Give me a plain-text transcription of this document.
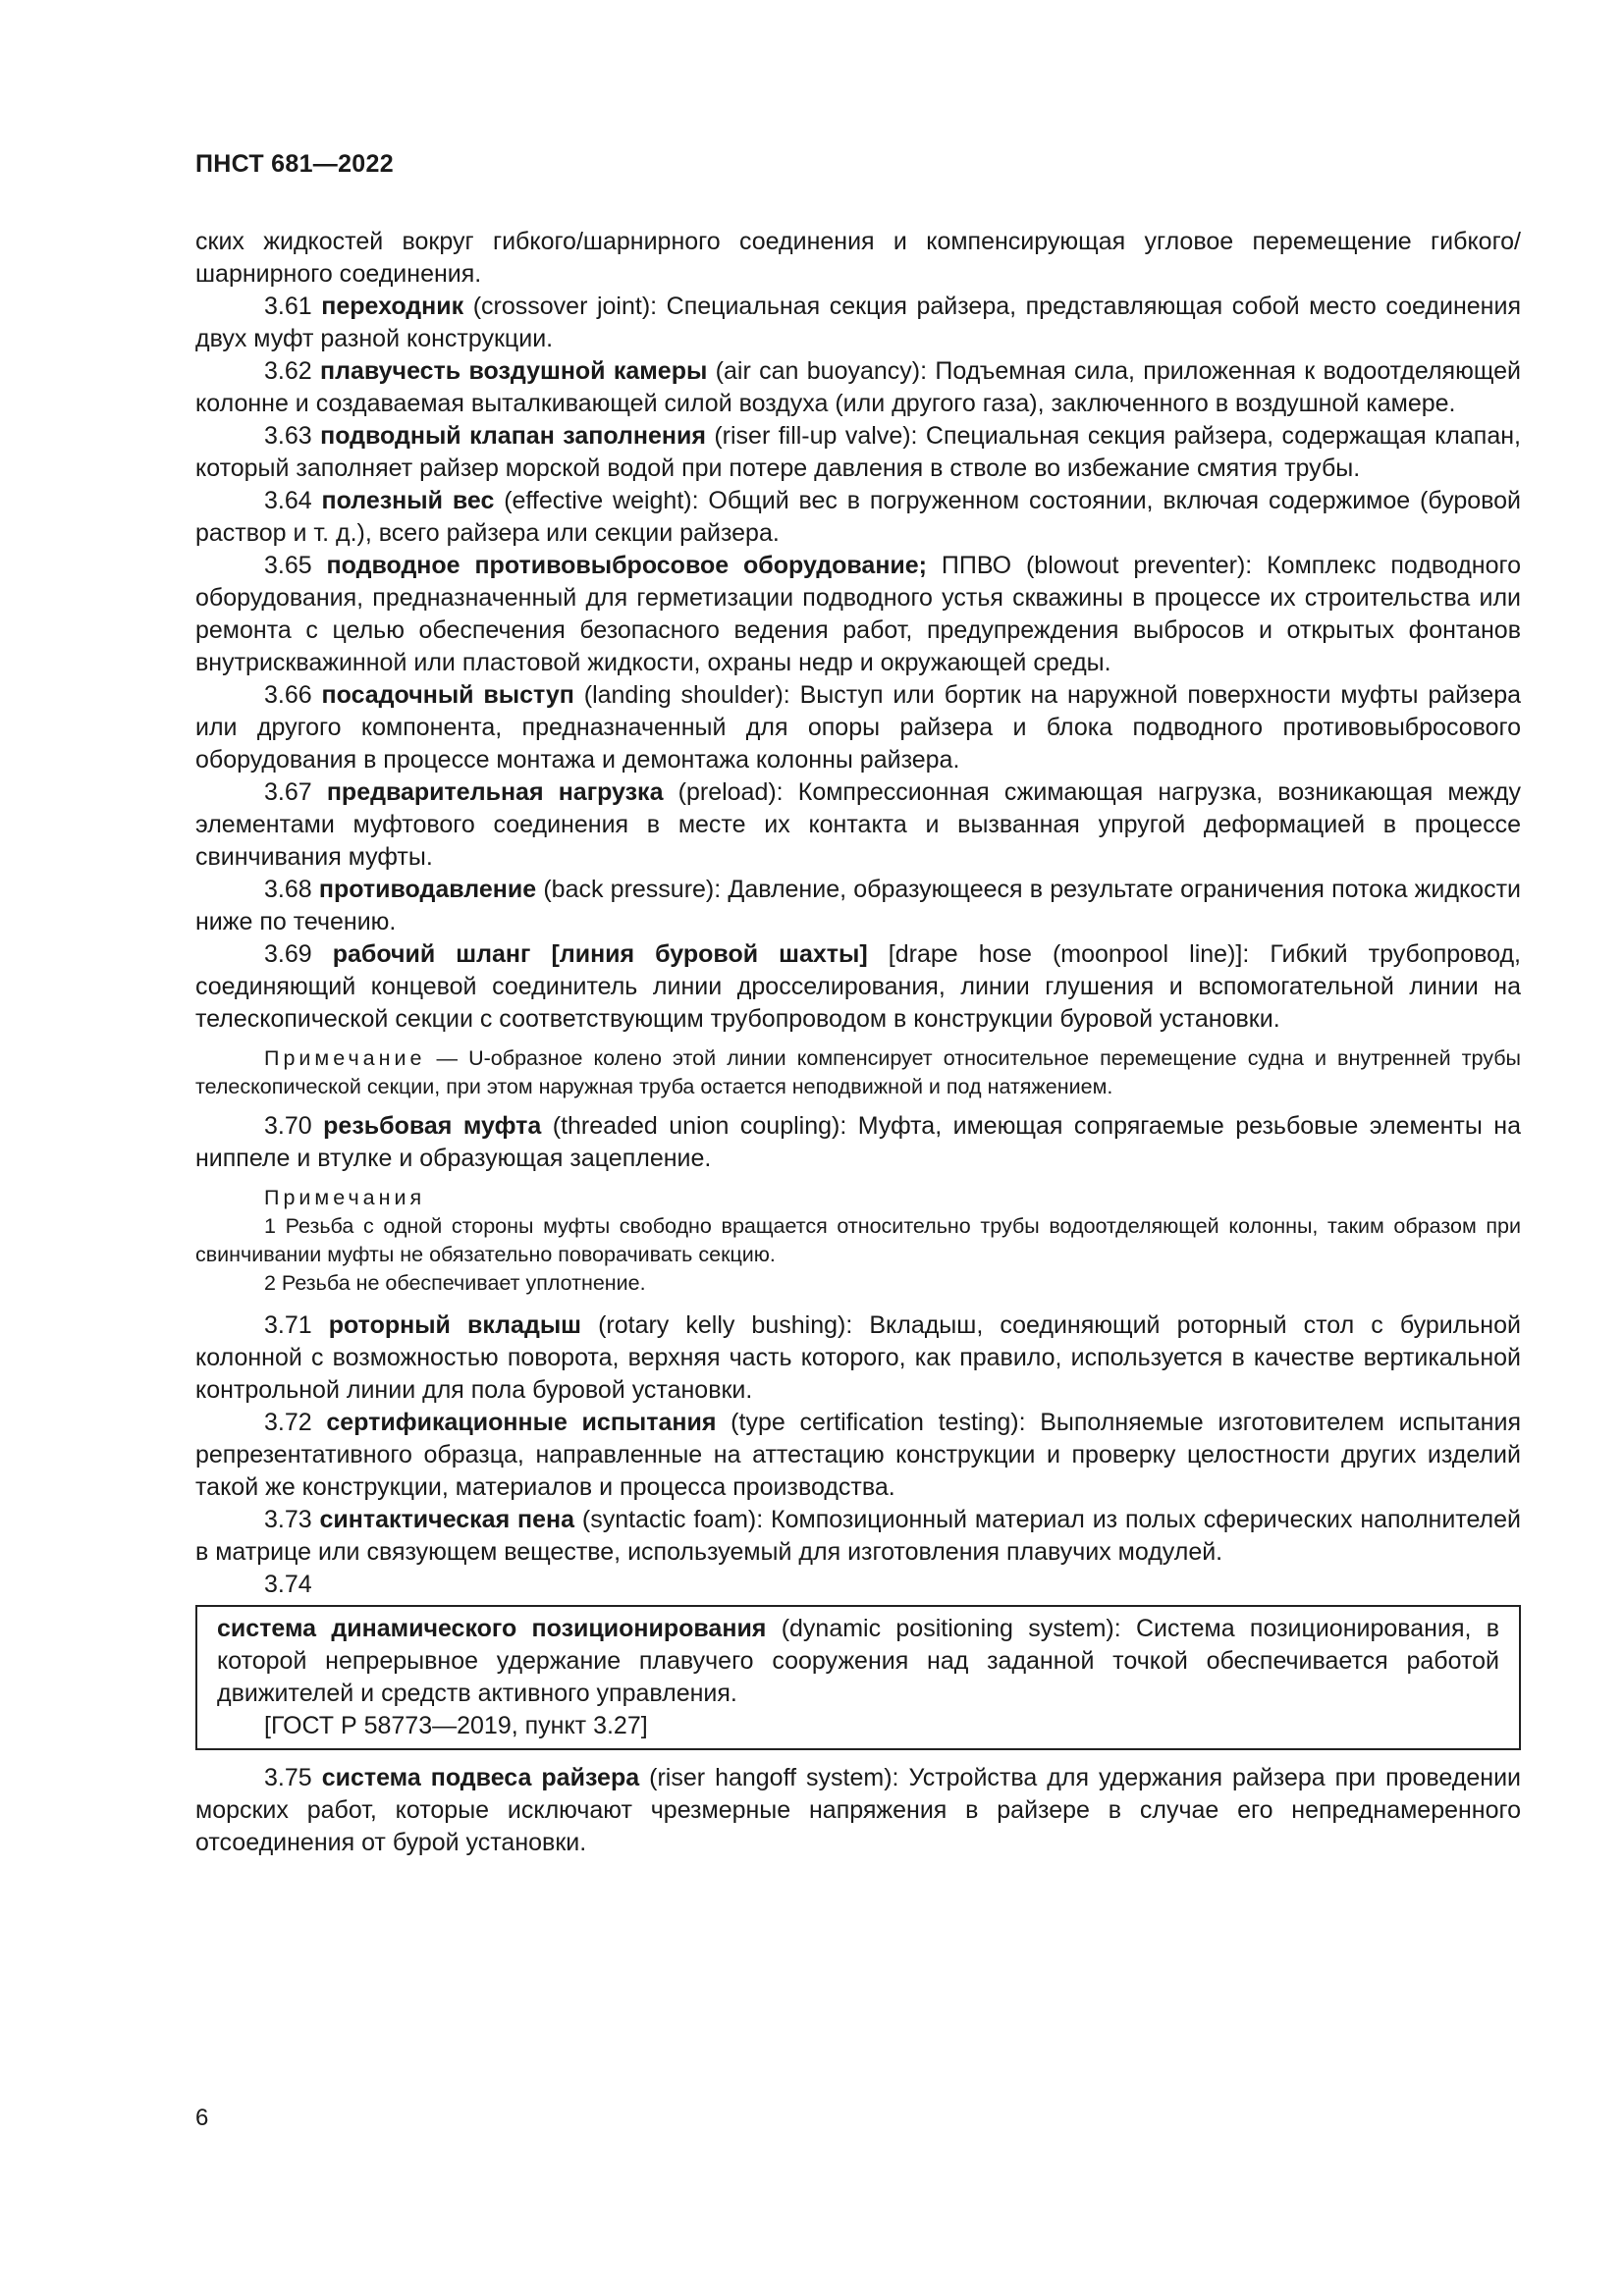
ПНСТ 681—2022

ских жидкостей вокруг гибкого/шарнирного соединения и компенсирующая угловое перемещение гибкого/шарнирного соединения.

3.61 переходник (crossover joint): Специальная секция райзера, представляющая собой место соединения двух муфт разной конструкции.

3.62 плавучесть воздушной камеры (air can buoyancy): Подъемная сила, приложенная к водоотделяющей колонне и создаваемая выталкивающей силой воздуха (или другого газа), заключенного в воздушной камере.

3.63 подводный клапан заполнения (riser fill-up valve): Специальная секция райзера, содержащая клапан, который заполняет райзер морской водой при потере давления в стволе во избежание смятия трубы.

3.64 полезный вес (effective weight): Общий вес в погруженном состоянии, включая содержимое (буровой раствор и т. д.), всего райзера или секции райзера.

3.65 подводное противовыбросовое оборудование; ППВО (blowout preventer): Комплекс подводного оборудования, предназначенный для герметизации подводного устья скважины в процессе их строительства или ремонта с целью обеспечения безопасного ведения работ, предупреждения выбросов и открытых фонтанов внутрискважинной или пластовой жидкости, охраны недр и окружающей среды.

3.66 посадочный выступ (landing shoulder): Выступ или бортик на наружной поверхности муфты райзера или другого компонента, предназначенный для опоры райзера и блока подводного противовыбросового оборудования в процессе монтажа и демонтажа колонны райзера.

3.67 предварительная нагрузка (preload): Компрессионная сжимающая нагрузка, возникающая между элементами муфтового соединения в месте их контакта и вызванная упругой деформацией в процессе свинчивания муфты.

3.68 противодавление (back pressure): Давление, образующееся в результате ограничения потока жидкости ниже по течению.

3.69 рабочий шланг [линия буровой шахты] [drape hose (moonpool line)]: Гибкий трубопровод, соединяющий концевой соединитель линии дросселирования, линии глушения и вспомогательной линии на телескопической секции с соответствующим трубопроводом в конструкции буровой установки.

Примечание — U-образное колено этой линии компенсирует относительное перемещение судна и внутренней трубы телескопической секции, при этом наружная труба остается неподвижной и под натяжением.

3.70 резьбовая муфта (threaded union coupling): Муфта, имеющая сопрягаемые резьбовые элементы на ниппеле и втулке и образующая зацепление.

Примечания

1 Резьба с одной стороны муфты свободно вращается относительно трубы водоотделяющей колонны, таким образом при свинчивании муфты не обязательно поворачивать секцию.

2 Резьба не обеспечивает уплотнение.

3.71 роторный вкладыш (rotary kelly bushing): Вкладыш, соединяющий роторный стол с бурильной колонной с возможностью поворота, верхняя часть которого, как правило, используется в качестве вертикальной контрольной линии для пола буровой установки.

3.72 сертификационные испытания (type certification testing): Выполняемые изготовителем испытания репрезентативного образца, направленные на аттестацию конструкции и проверку целостности других изделий такой же конструкции, материалов и процесса производства.

3.73 синтактическая пена (syntactic foam): Композиционный материал из полых сферических наполнителей в матрице или связующем веществе, используемый для изготовления плавучих модулей.

3.74

система динамического позиционирования (dynamic positioning system): Система позиционирования, в которой непрерывное удержание плавучего сооружения над заданной точкой обеспечивается работой движителей и средств активного управления.

[ГОСТ Р 58773—2019, пункт 3.27]

3.75 система подвеса райзера (riser hangoff system): Устройства для удержания райзера при проведении морских работ, которые исключают чрезмерные напряжения в райзере в случае его непреднамеренного отсоединения от бурой установки.

6
